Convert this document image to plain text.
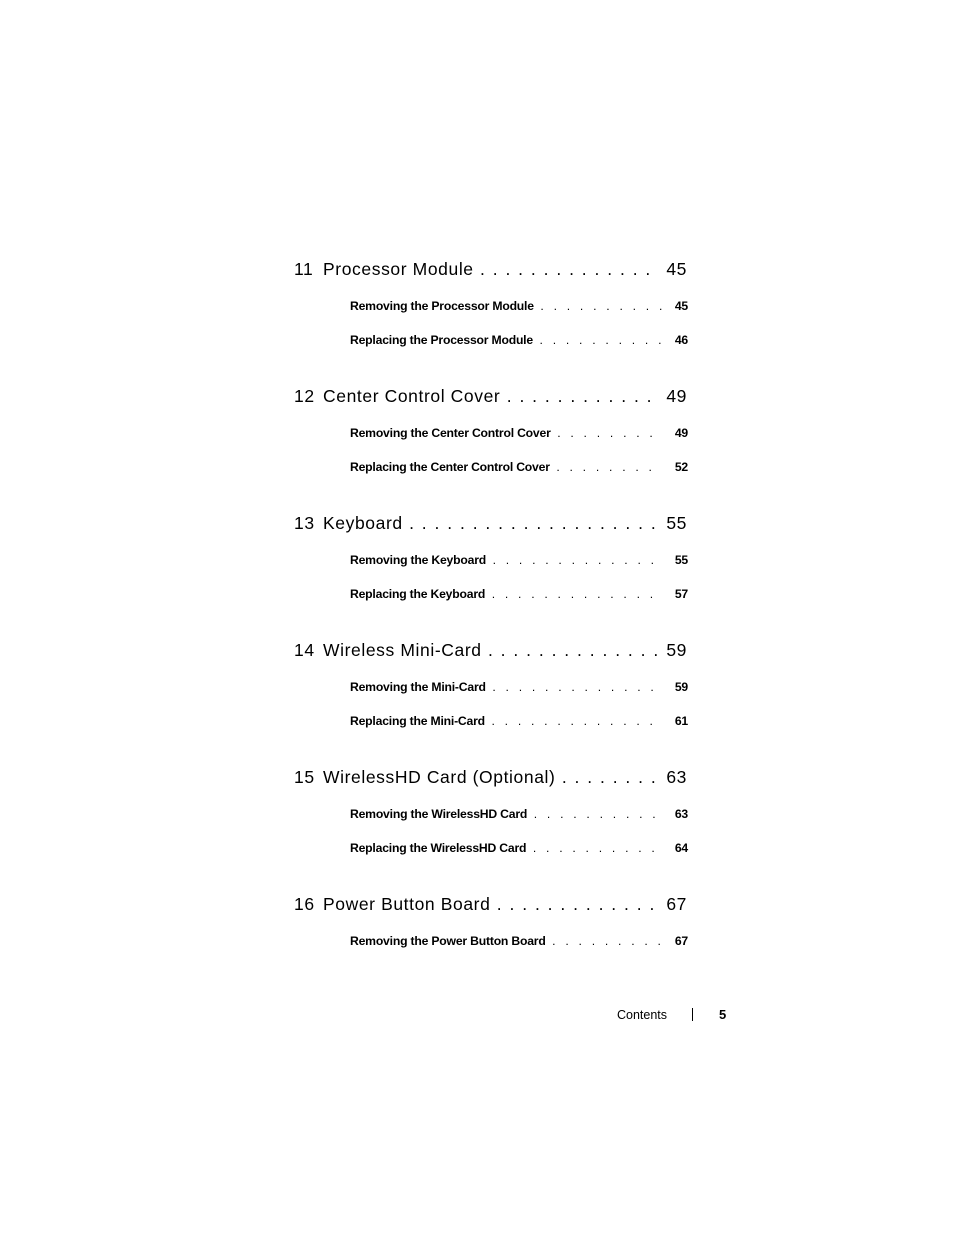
11 Processor Module . . .	45
Removing the Processor Module . . .	45
Replacing the Processor Module . . .	46
12 Center Control Cover . . .	49
Removing the Center Control Cover . . .	49
Replacing the Center Control Cover . . .	52
13 Keyboard . . .	55
Removing the Keyboard . . .	55
Replacing the Keyboard . . .	57
14 Wireless Mini-Card . . .	59
Removing the Mini-Card . . .	59
Replacing the Mini-Card . . .	61
15 WirelessHD Card (Optional) . . .	63
Removing the WirelessHD Card . . .	63
Replacing the WirelessHD Card . . .	64
16 Power Button Board . . .	67
Removing the Power Button Board . . .	67
Contents	5
